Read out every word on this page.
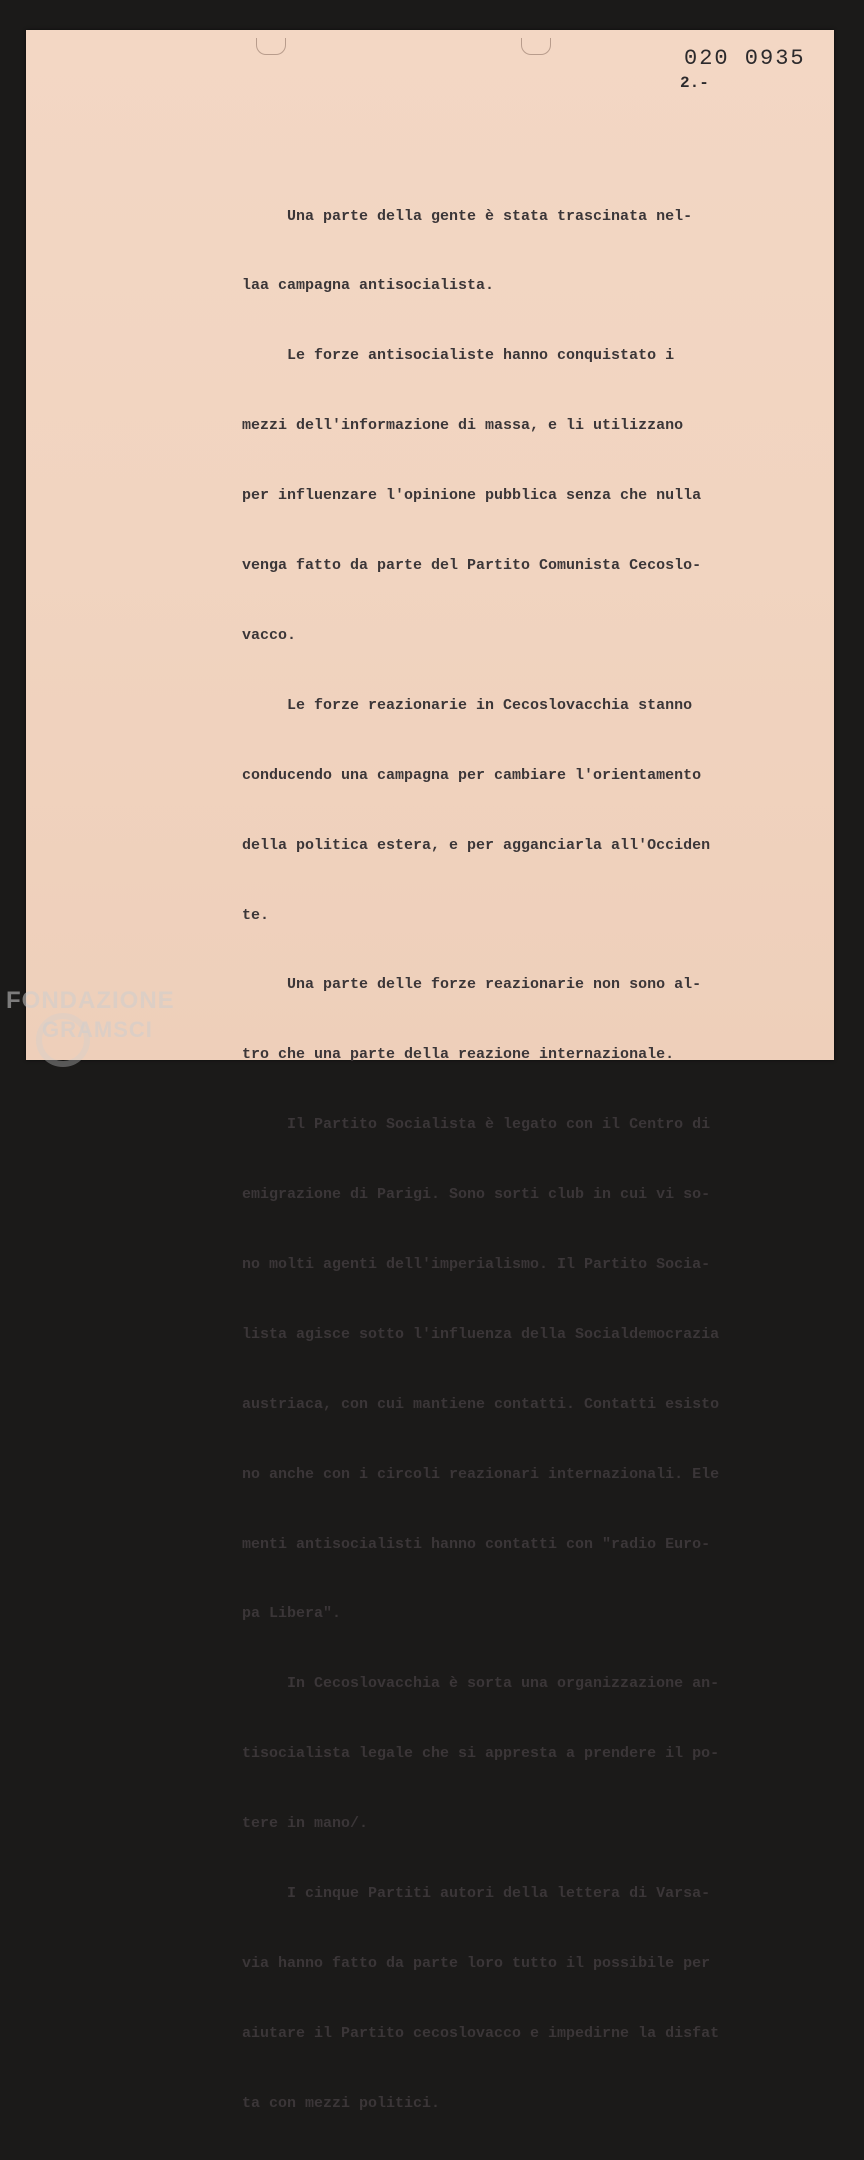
020 0935
2.-

Una parte della gente è stata trascinata nel-

laa campagna antisocialista.

Le forze antisocialiste hanno conquistato i

mezzi dell'informazione di massa, e li utilizzano

per influenzare l'opinione pubblica senza che nulla

venga fatto da parte del Partito Comunista Cecoslo-

vacco.

Le forze reazionarie in Cecoslovacchia stanno

conducendo una campagna per cambiare l'orientamento

della politica estera, e per agganciarla all'Occiden

te.

Una parte delle forze reazionarie non sono al-

tro che una parte della reazione internazionale.

Il Partito Socialista è legato con il Centro di

emigrazione di Parigi. Sono sorti club in cui vi so-

no molti agenti dell'imperialismo. Il Partito Socia-

lista agisce sotto l'influenza della Socialdemocrazia

austriaca, con cui mantiene contatti. Contatti esisto

no anche con i circoli reazionari internazionali. Ele

menti antisocialisti hanno contatti con "radio Euro-

pa Libera".

In Cecoslovacchia è sorta una organizzazione an-

tisocialista legale che si appresta a prendere il po-

tere in mano/.

I cinque Partiti autori della lettera di Varsa-

via hanno fatto da parte loro tutto il possibile per

aiutare il Partito cecoslovacco e impedirne la disfat

ta con mezzi politici.

FONDAZIONE
GRAMSCI
